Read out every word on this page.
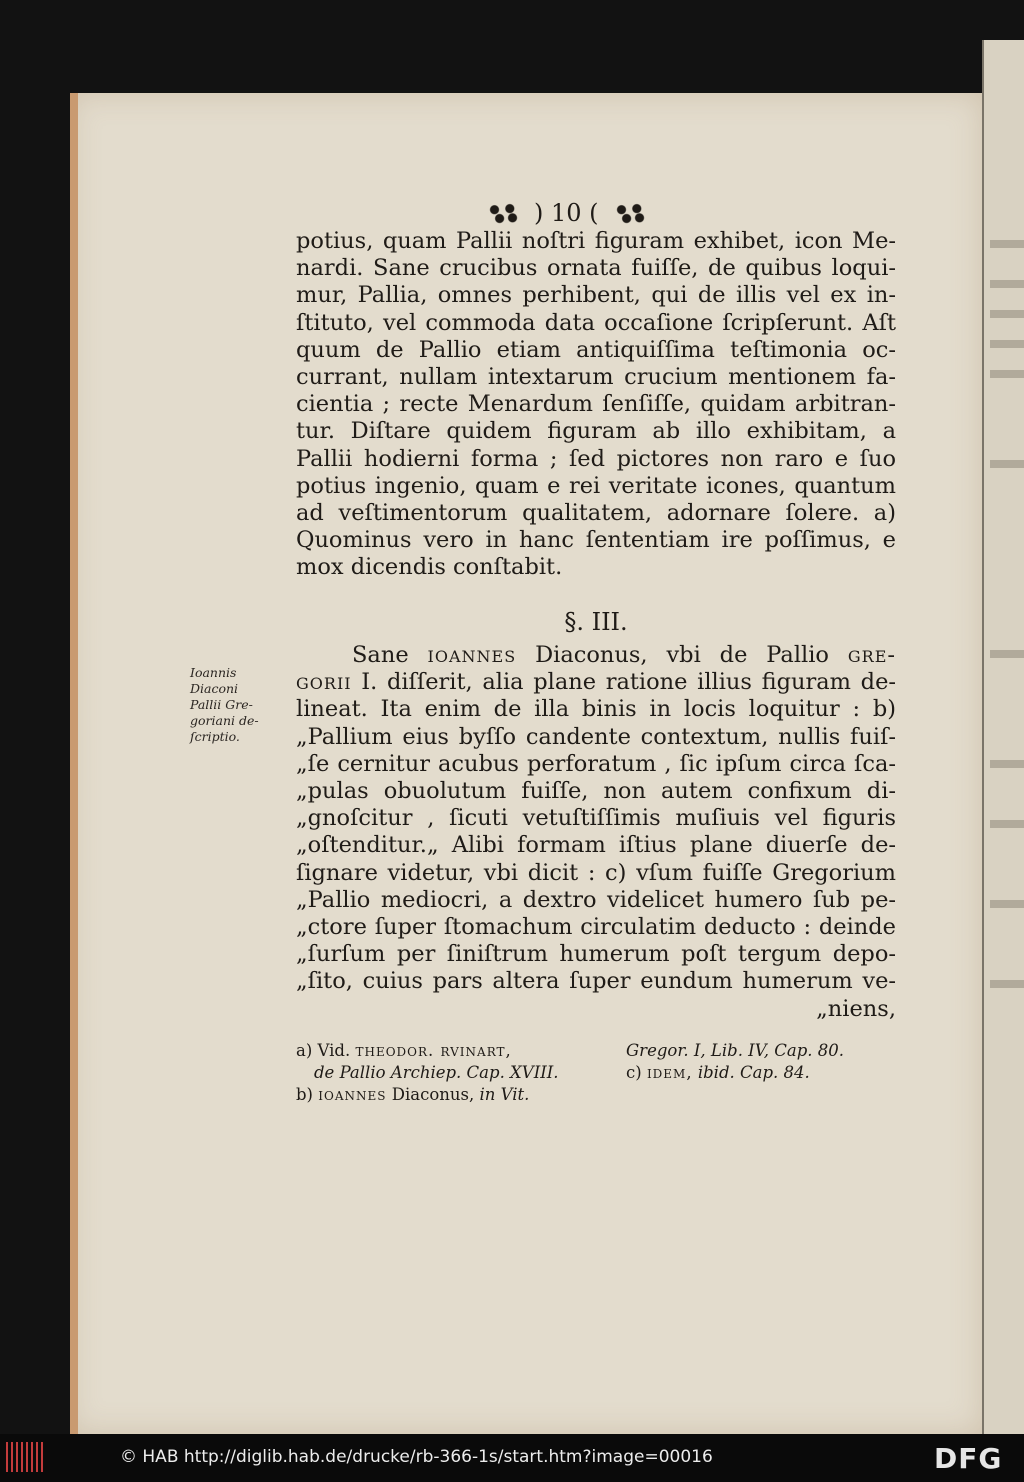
) 10 (
potius, quam Pallii noſtri figuram exhibet, icon Me-
nardi. Sane crucibus ornata fuiſſe, de quibus loqui-
mur, Pallia, omnes perhibent, qui de illis vel ex in-
ſtituto, vel commoda data occaſione ſcripſerunt. Aſt
quum de Pallio etiam antiquiſſima teſtimonia oc-
currant, nullam intextarum crucium mentionem fa-
cientia ; recte Menardum ſenſiſſe, quidam arbitran-
tur. Diſtare quidem figuram ab illo exhibitam, a
Pallii hodierni forma ; ſed pictores non raro e ſuo
potius ingenio, quam e rei veritate icones, quantum
ad veſtimentorum qualitatem, adornare ſolere. a)
Quominus vero in hanc ſententiam ire poſſimus, e
mox dicendis conſtabit.
§. III.
Ioannis
Diaconi
Pallii Gre-
goriani de-
ſcriptio.
Sane ioannes Diaconus, vbi de Pallio gre-
gorii I. diſſerit, alia plane ratione illius figuram de-
lineat. Ita enim de illa binis in locis loquitur : b)
„Pallium eius byſſo candente contextum, nullis fuiſ-
„ſe cernitur acubus perforatum , ſic ipſum circa ſca-
„pulas obuolutum fuiſſe, non autem confixum di-
„gnoſcitur , ſicuti vetuſtiſſimis muſiuis vel figuris
„oſtenditur.„ Alibi formam iſtius plane diuerſe de-
ſignare videtur, vbi dicit : c) vſum fuiſſe Gregorium
„Pallio mediocri, a dextro videlicet humero ſub pe-
„ctore ſuper ſtomachum circulatim deducto : deinde
„ſurſum per ſiniſtrum humerum poſt tergum depo-
„ſito, cuius pars altera ſuper eundum humerum ve-
„niens,
a) Vid. theodor. rvinart,	Gregor. I, Lib. IV, Cap. 80.
de Pallio Archiep. Cap. XVIII.	c) idem, ibid. Cap. 84.
b) ioannes Diaconus, in Vit.
© HAB http://diglib.hab.de/drucke/rb-366-1s/start.htm?image=00016	DFG
